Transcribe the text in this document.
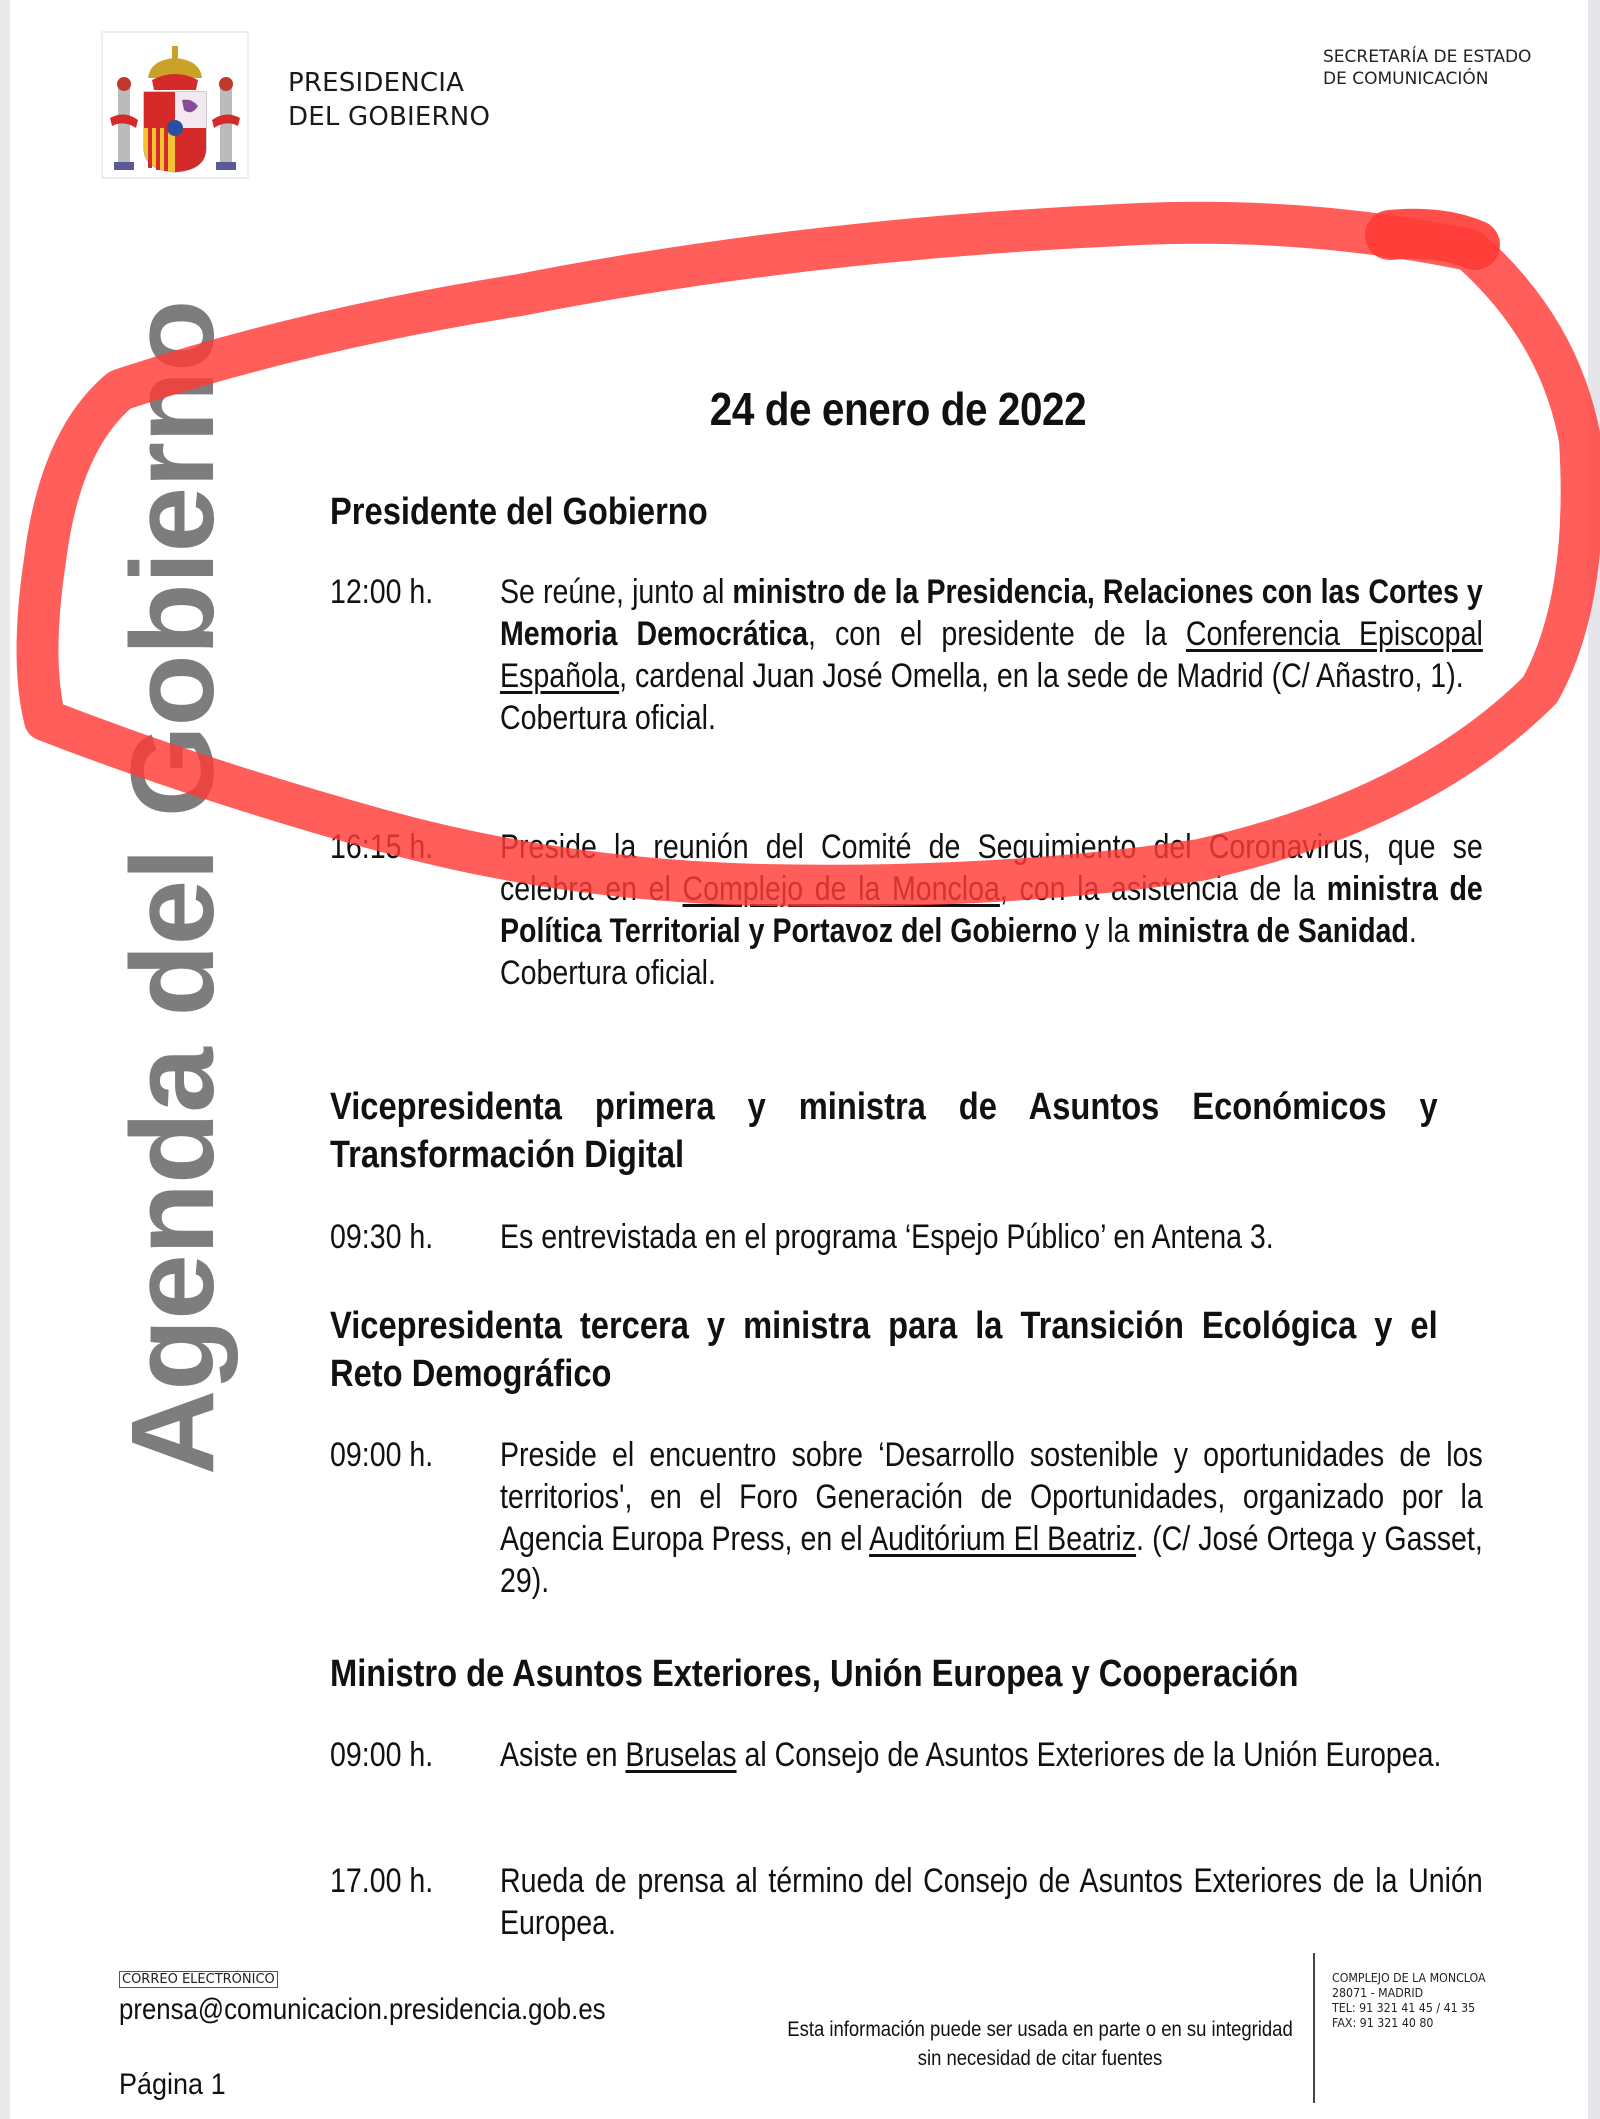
PRESIDENCIA
DEL GOBIERNO
SECRETARÍA DE ESTADO
DE COMUNICACIÓN
Agenda del Gobierno	24 de enero de 2022
Presidente del Gobierno
12:00 h. Se reúne, junto al ministro de la Presidencia, Relaciones con las Cortes y Memoria Democrática, con el presidente de la Conferencia Episcopal Española, cardenal Juan José Omella, en la sede de Madrid (C/ Añastro, 1).
Cobertura oficial.
16:15 h. Preside la reunión del Comité de Seguimiento del Coronavirus, que se celebra en el Complejo de la Moncloa, con la asistencia de la ministra de Política Territorial y Portavoz del Gobierno y la ministra de Sanidad.
Cobertura oficial.
Vicepresidenta primera y ministra de Asuntos Económicos y Transformación Digital
09:30 h. Es entrevistada en el programa ‘Espejo Público’ en Antena 3.
Vicepresidenta tercera y ministra para la Transición Ecológica y el Reto Demográfico
09:00 h. Preside el encuentro sobre ‘Desarrollo sostenible y oportunidades de los territorios', en el Foro Generación de Oportunidades, organizado por la Agencia Europa Press, en el Auditórium El Beatriz. (C/ José Ortega y Gasset, 29).
Ministro de Asuntos Exteriores, Unión Europea y Cooperación
09:00 h. Asiste en Bruselas al Consejo de Asuntos Exteriores de la Unión Europea.
17.00 h. Rueda de prensa al término del Consejo de Asuntos Exteriores de la Unión Europea.
CORREO ELECTRÓNICO
prensa@comunicacion.presidencia.gob.es
Página 1
Esta información puede ser usada en parte o en su integridad
sin necesidad de citar fuentes
COMPLEJO DE LA MONCLOA
28071 - MADRID
TEL: 91 321 41 45 / 41 35
FAX: 91 321 40 80
